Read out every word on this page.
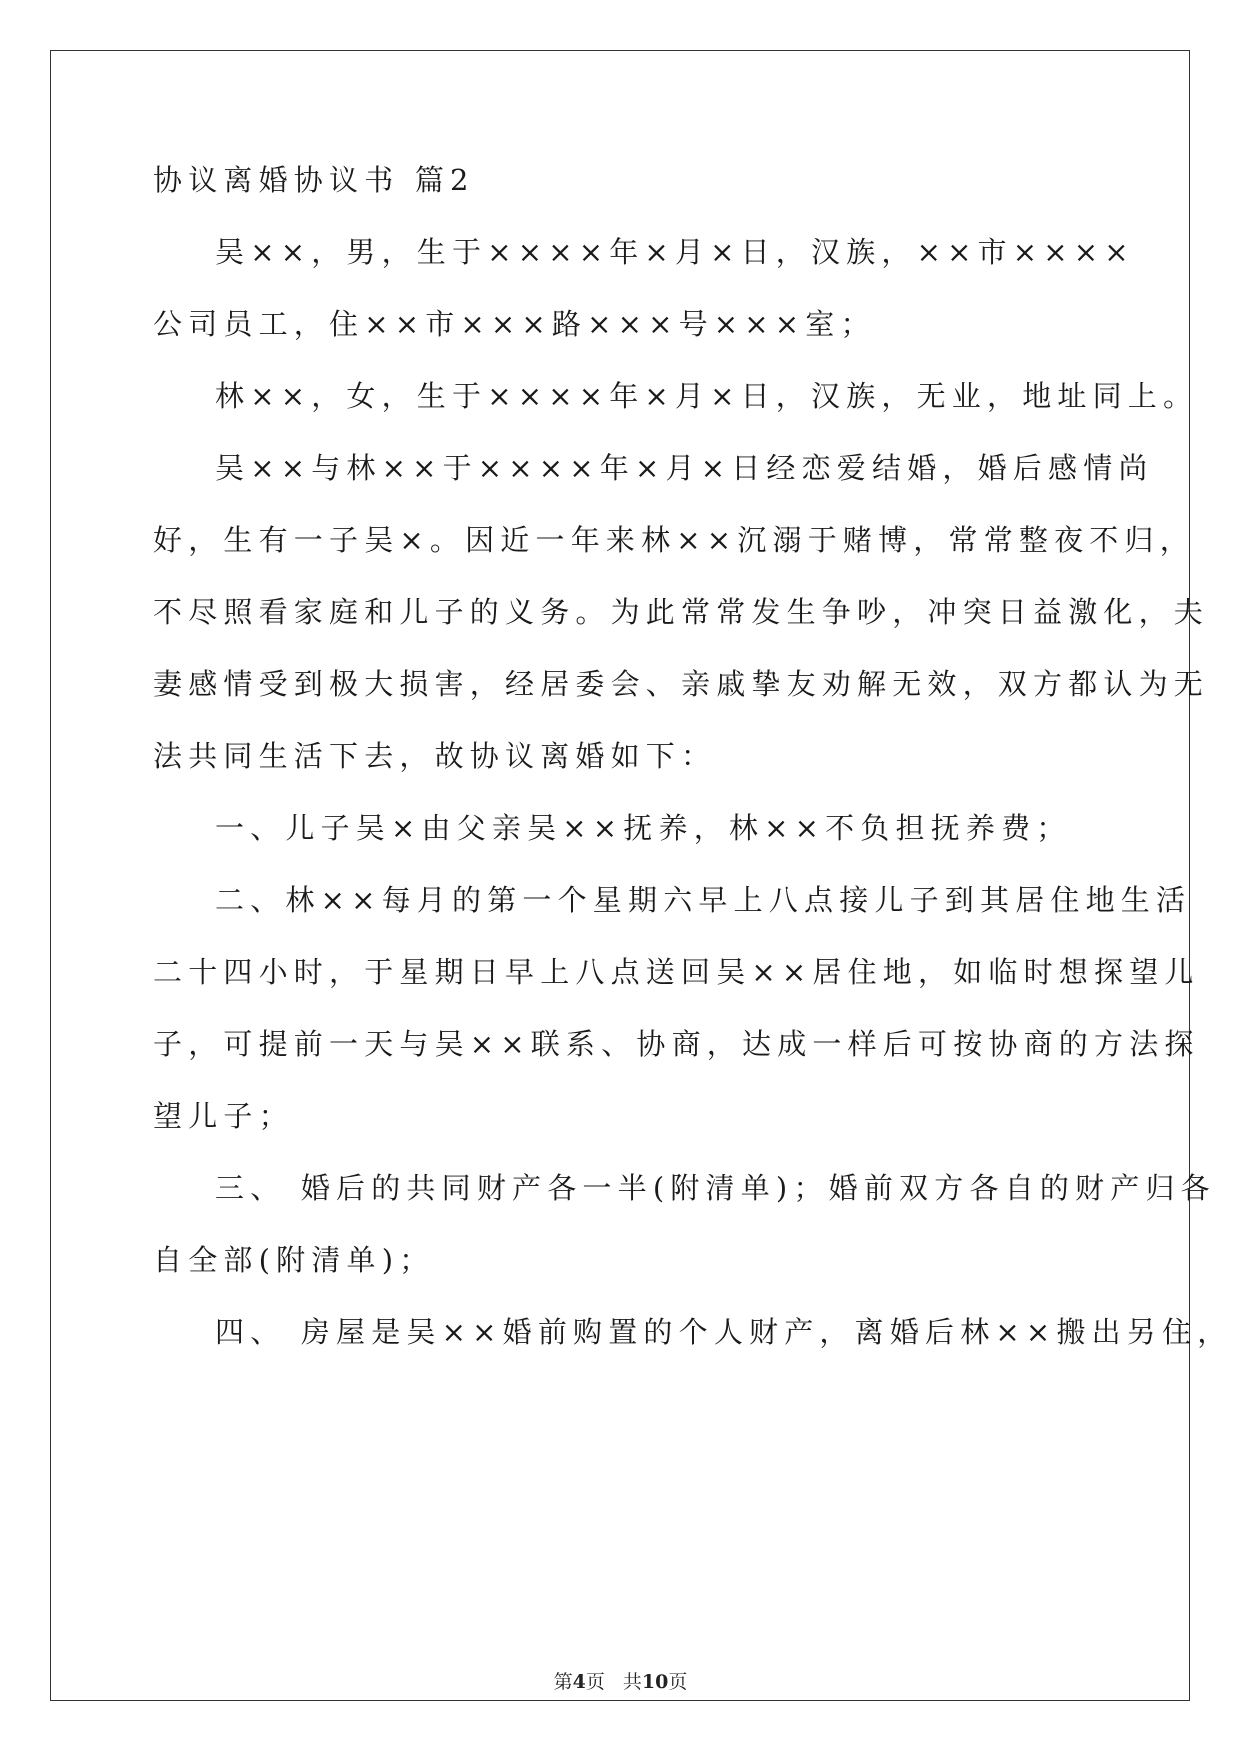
协议离婚协议书 篇2
吴××，男，生于××××年×月×日，汉族，××市××××
公司员工，住××市×××路×××号×××室；
林××，女，生于××××年×月×日，汉族，无业，地址同上。
吴××与林××于××××年×月×日经恋爱结婚，婚后感情尚
好，生有一子吴×。因近一年来林××沉溺于赌博，常常整夜不归，
不尽照看家庭和儿子的义务。为此常常发生争吵，冲突日益激化，夫
妻感情受到极大损害，经居委会、亲戚挚友劝解无效，双方都认为无
法共同生活下去，故协议离婚如下：
一、儿子吴×由父亲吴××抚养，林××不负担抚养费；
二、林××每月的第一个星期六早上八点接儿子到其居住地生活
二十四小时，于星期日早上八点送回吴××居住地，如临时想探望儿
子，可提前一天与吴××联系、协商，达成一样后可按协商的方法探
望儿子；
三、 婚后的共同财产各一半(附清单)；婚前双方各自的财产归各
自全部(附清单)；
四、 房屋是吴××婚前购置的个人财产，离婚后林××搬出另住，
第4页 共10页
